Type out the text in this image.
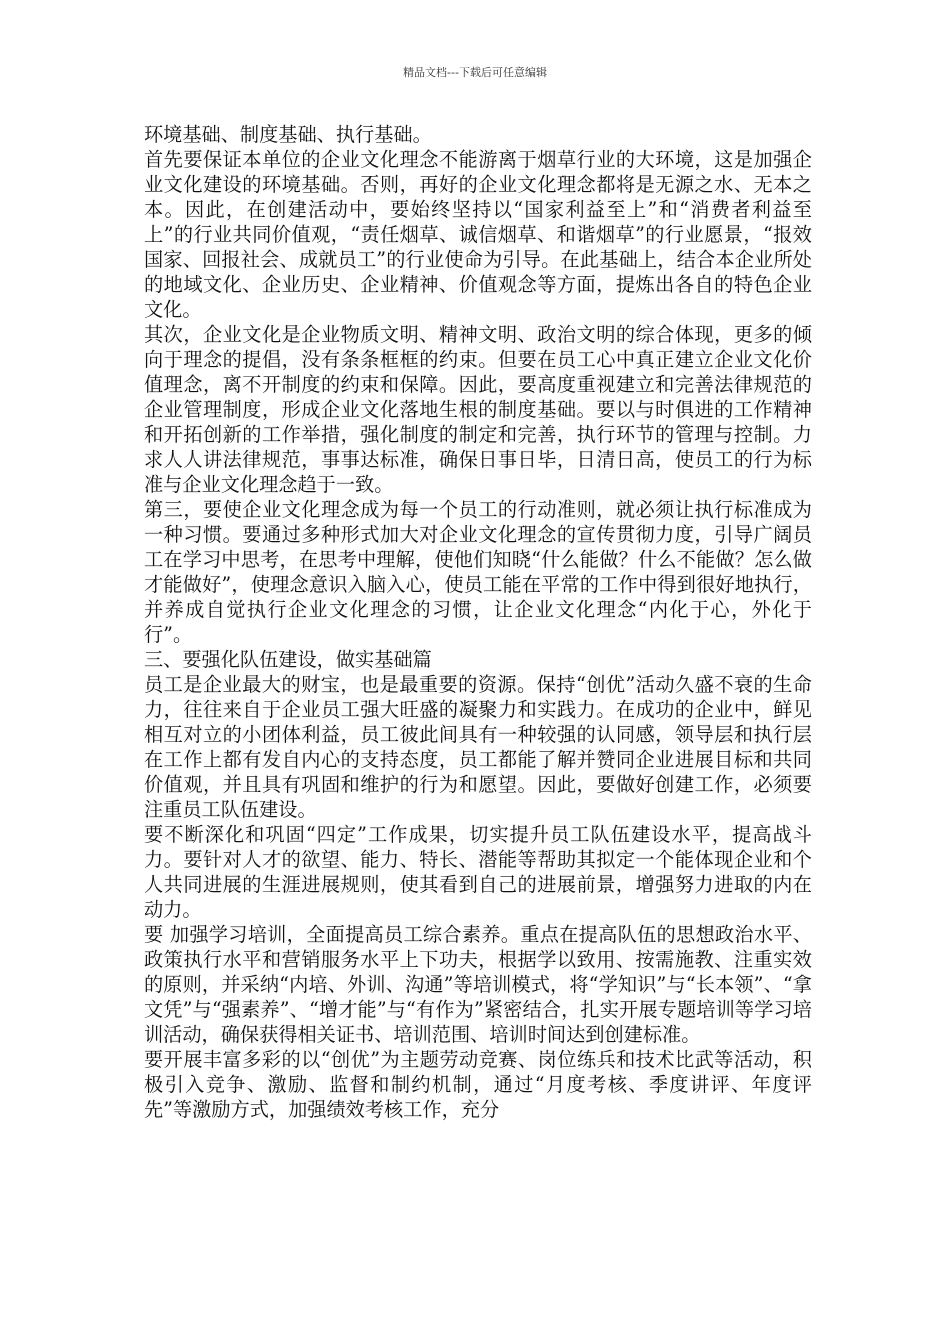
精品文档---下载后可任意编辑

环境基础、制度基础、执行基础。

首先要保证本单位的企业文化理念不能游离于烟草行业的大环境，这是加强企业文化建设的环境基础。否则，再好的企业文化理念都将是无源之水、无本之本。因此，在创建活动中，要始终坚持以“国家利益至上”和“消费者利益至上”的行业共同价值观，“责任烟草、诚信烟草、和谐烟草”的行业愿景，“报效国家、回报社会、成就员工”的行业使命为引导。在此基础上，结合本企业所处的地域文化、企业历史、企业精神、价值观念等方面，提炼出各自的特色企业文化。

其次，企业文化是企业物质文明、精神文明、政治文明的综合体现，更多的倾向于理念的提倡，没有条条框框的约束。但要在员工心中真正建立企业文化价值理念，离不开制度的约束和保障。因此，要高度重视建立和完善法律规范的企业管理制度，形成企业文化落地生根的制度基础。要以与时俱进的工作精神和开拓创新的工作举措，强化制度的制定和完善，执行环节的管理与控制。力求人人讲法律规范，事事达标准，确保日事日毕，日清日高，使员工的行为标准与企业文化理念趋于一致。

第三，要使企业文化理念成为每一个员工的行动准则，就必须让执行标准成为一种习惯。要通过多种形式加大对企业文化理念的宣传贯彻力度，引导广阔员工在学习中思考，在思考中理解，使他们知晓“什么能做？什么不能做？怎么做才能做好”，使理念意识入脑入心，使员工能在平常的工作中得到很好地执行，并养成自觉执行企业文化理念的习惯，让企业文化理念“内化于心，外化于行”。

三、要强化队伍建设，做实基础篇

员工是企业最大的财宝，也是最重要的资源。保持“创优”活动久盛不衰的生命力，往往来自于企业员工强大旺盛的凝聚力和实践力。在成功的企业中，鲜见相互对立的小团体利益，员工彼此间具有一种较强的认同感，领导层和执行层在工作上都有发自内心的支持态度，员工都能了解并赞同企业进展目标和共同价值观，并且具有巩固和维护的行为和愿望。因此，要做好创建工作，必须要注重员工队伍建设。

要不断深化和巩固“四定”工作成果，切实提升员工队伍建设水平，提高战斗力。要针对人才的欲望、能力、特长、潜能等帮助其拟定一个能体现企业和个人共同进展的生涯进展规则，使其看到自己的进展前景，增强努力进取的内在动力。

要 加强学习培训，全面提高员工综合素养。重点在提高队伍的思想政治水平、政策执行水平和营销服务水平上下功夫，根据学以致用、按需施教、注重实效的原则，并采纳“内培、外训、沟通”等培训模式，将“学知识”与“长本领”、“拿文凭”与“强素养”、“增才能”与“有作为”紧密结合，扎实开展专题培训等学习培训活动，确保获得相关证书、培训范围、培训时间达到创建标准。

要开展丰富多彩的以“创优”为主题劳动竞赛、岗位练兵和技术比武等活动，积极引入竞争、激励、监督和制约机制，通过“月度考核、季度讲评、年度评先”等激励方式，加强绩效考核工作，充分
